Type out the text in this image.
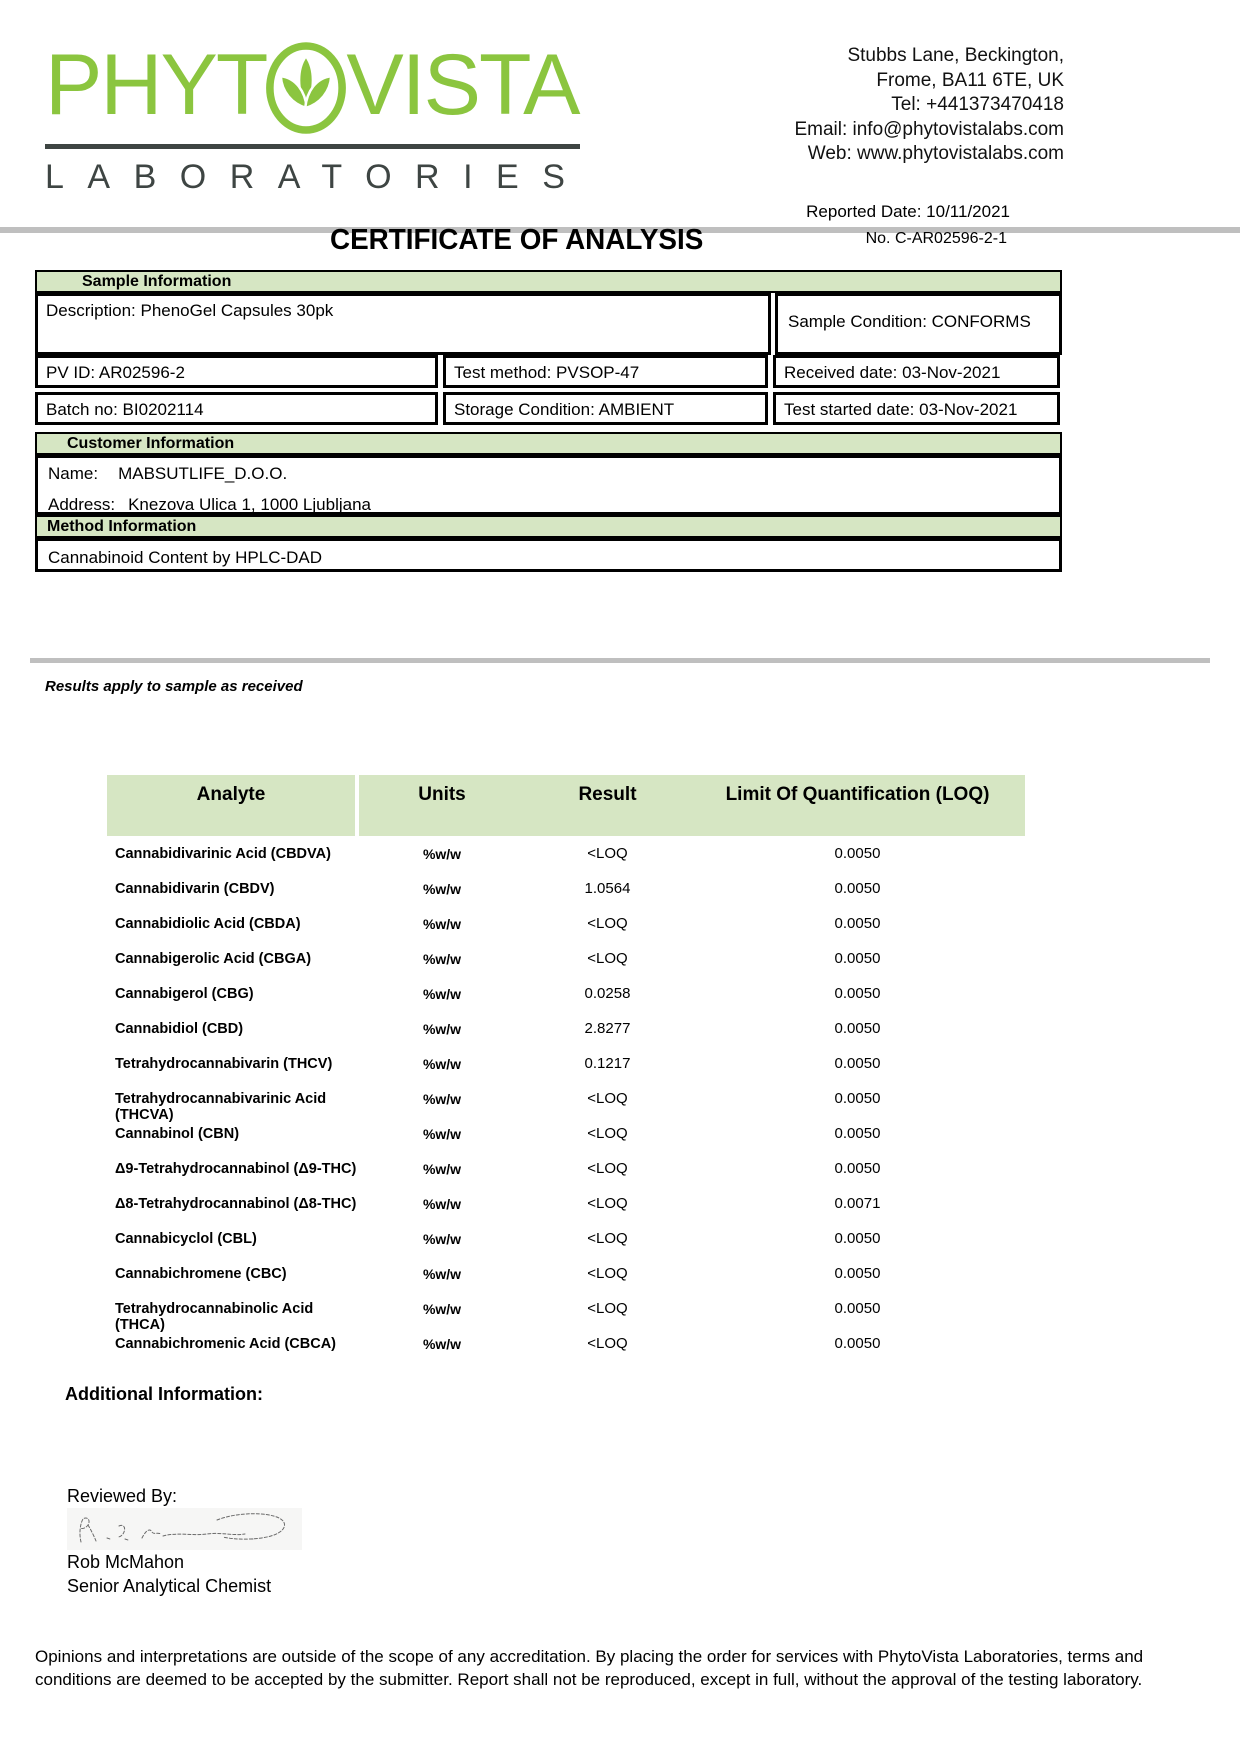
PHYT VISTA
LABORATORIES
Stubbs Lane, Beckington,
Frome, BA11 6TE, UK
Tel: +441373470418
Email: info@phytovistalabs.com
Web: www.phytovistalabs.com
Reported Date: 10/11/2021
CERTIFICATE OF ANALYSIS	No. C-AR02596-2-1
Sample Information
Description: PhenoGel Capsules 30pk
Sample Condition: CONFORMS
PV ID: AR02596-2	Test method: PVSOP-47	Received date: 03-Nov-2021
Batch no: BI0202114	Storage Condition: AMBIENT	Test started date: 03-Nov-2021
Customer Information
Name: MABSUTLIFE_D.O.O.
Address: Knezova Ulica 1, 1000 Ljubljana
Method Information
Cannabinoid Content by HPLC-DAD
Results apply to sample as received
Analyte	Units	Result	Limit Of Quantification (LOQ)
Cannabidivarinic Acid (CBDVA)	%w/w	<LOQ	0.0050
Cannabidivarin (CBDV)	%w/w	1.0564	0.0050
Cannabidiolic Acid (CBDA)	%w/w	<LOQ	0.0050
Cannabigerolic Acid (CBGA)	%w/w	<LOQ	0.0050
Cannabigerol (CBG)	%w/w	0.0258	0.0050
Cannabidiol (CBD)	%w/w	2.8277	0.0050
Tetrahydrocannabivarin (THCV)	%w/w	0.1217	0.0050
Tetrahydrocannabivarinic Acid (THCVA)
%w/w	<LOQ	0.0050
Cannabinol (CBN)	%w/w	<LOQ	0.0050
Δ9-Tetrahydrocannabinol (Δ9-THC)	%w/w	<LOQ	0.0050
Δ8-Tetrahydrocannabinol (Δ8-THC)	%w/w	<LOQ	0.0071
Cannabicyclol (CBL)	%w/w	<LOQ	0.0050
Cannabichromene (CBC)	%w/w	<LOQ	0.0050
Tetrahydrocannabinolic Acid (THCA)
%w/w	<LOQ	0.0050
Cannabichromenic Acid (CBCA)	%w/w	<LOQ	0.0050
Additional Information:
Reviewed By:
Rob McMahon
Senior Analytical Chemist
Opinions and interpretations are outside of the scope of any accreditation. By placing the order for services with PhytoVista Laboratories, terms and conditions are deemed to be accepted by the submitter. Report shall not be reproduced, except in full, without the approval of the testing laboratory.
